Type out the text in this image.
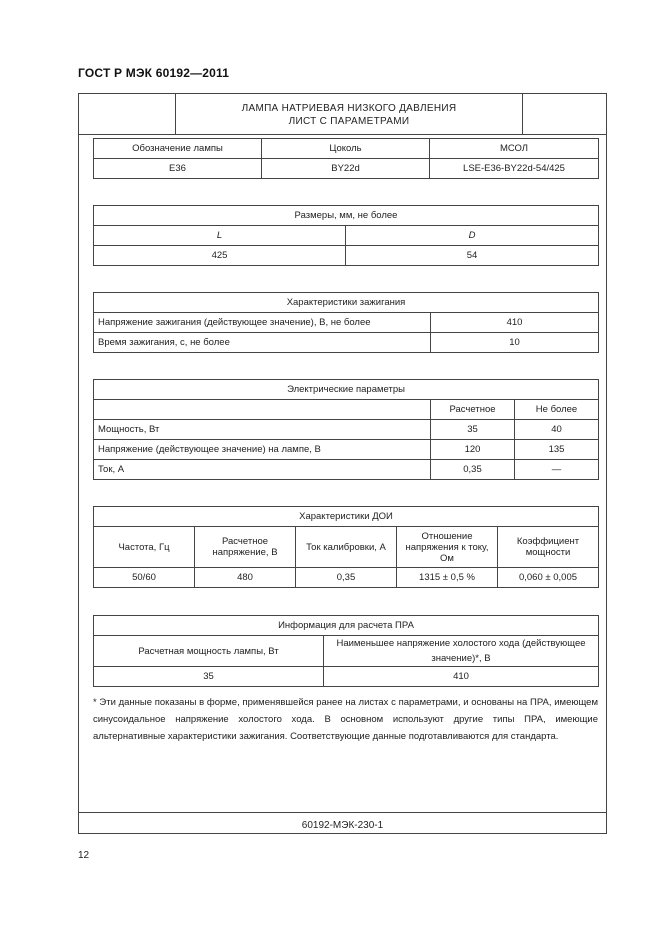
ГОСТ Р МЭК 60192—2011
ЛАМПА НАТРИЕВАЯ НИЗКОГО ДАВЛЕНИЯ
ЛИСТ С ПАРАМЕТРАМИ
60192-МЭК-230-1
Обозначение лампы	Цоколь	МСОЛ
E36	BY22d	LSE-E36-BY22d-54/425
Размеры, мм, не более	
L	D
425	54
Характеристики зажигания	
Напряжение зажигания (действующее значение), В, не более	410
Время зажигания, с, не более	10
Электрические параметры		
	Расчетное	Не более
Мощность, Вт	35	40
Напряжение (действующее значение) на лампе, В	120	135
Ток, А	0,35	—
Характеристики ДОИ				
Частота, Гц	Расчетное напряжение, В	Ток калибровки, А	Отношение напряжения к току, Ом	Коэффициент мощности
50/60	480	0,35	1315 ± 0,5 %	0,060 ± 0,005
Информация для расчета ПРА	
Расчетная мощность лампы, Вт	Наименьшее напряжение холостого хода (действующее значение)*, В
35	410
* Эти данные показаны в форме, применявшейся ранее на листах с параметрами, и основаны на ПРА, имеющем синусоидальное напряжение холостого хода. В основном используют другие типы ПРА, имеющие альтернативные характеристики зажигания. Соответствующие данные подготавливаются для стандарта.
12
